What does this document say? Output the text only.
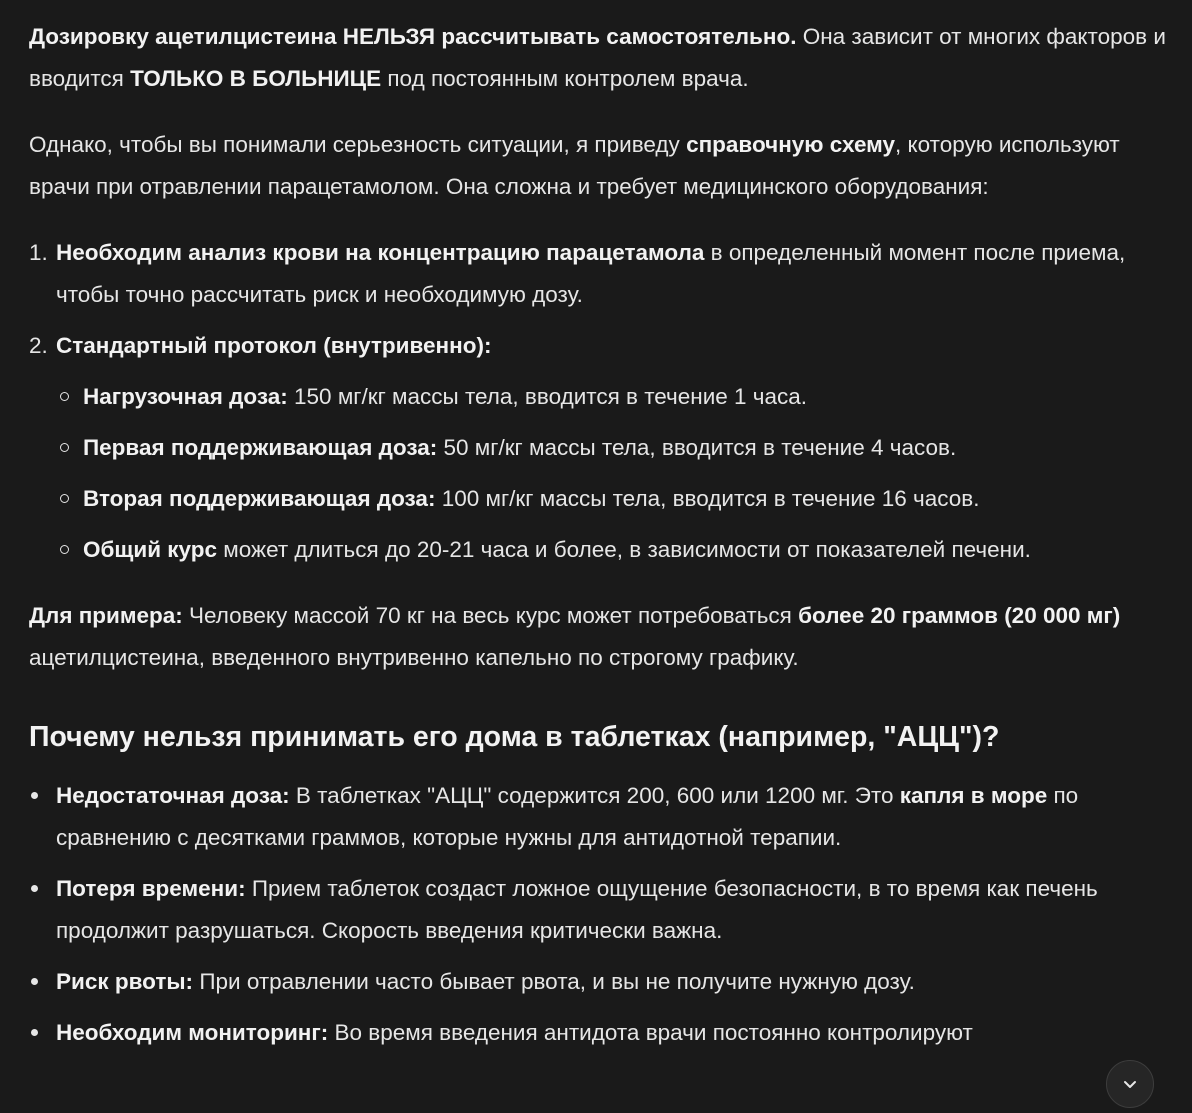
Дозировку ацетилцистеина НЕЛЬЗЯ рассчитывать самостоятельно. Она зависит от многих факторов и вводится ТОЛЬКО В БОЛЬНИЦЕ под постоянным контролем врача.

Однако, чтобы вы понимали серьезность ситуации, я приведу справочную схему, которую используют врачи при отравлении парацетамолом. Она сложна и требует медицинского оборудования:

1. Необходим анализ крови на концентрацию парацетамола в определенный момент после приема, чтобы точно рассчитать риск и необходимую дозу.
2. Стандартный протокол (внутривенно):
Нагрузочная доза: 150 мг/кг массы тела, вводится в течение 1 часа.
Первая поддерживающая доза: 50 мг/кг массы тела, вводится в течение 4 часов.
Вторая поддерживающая доза: 100 мг/кг массы тела, вводится в течение 16 часов.
Общий курс может длиться до 20-21 часа и более, в зависимости от показателей печени.

Для примера: Человеку массой 70 кг на весь курс может потребоваться более 20 граммов (20 000 мг) ацетилцистеина, введенного внутривенно капельно по строгому графику.

Почему нельзя принимать его дома в таблетках (например, "АЦЦ")?
Недостаточная доза: В таблетках "АЦЦ" содержится 200, 600 или 1200 мг. Это капля в море по сравнению с десятками граммов, которые нужны для антидотной терапии.
Потеря времени: Прием таблеток создаст ложное ощущение безопасности, в то время как печень продолжит разрушаться. Скорость введения критически важна.
Риск рвоты: При отравлении часто бывает рвота, и вы не получите нужную дозу.
Необходим мониторинг: Во время введения антидота врачи постоянно контролируют
